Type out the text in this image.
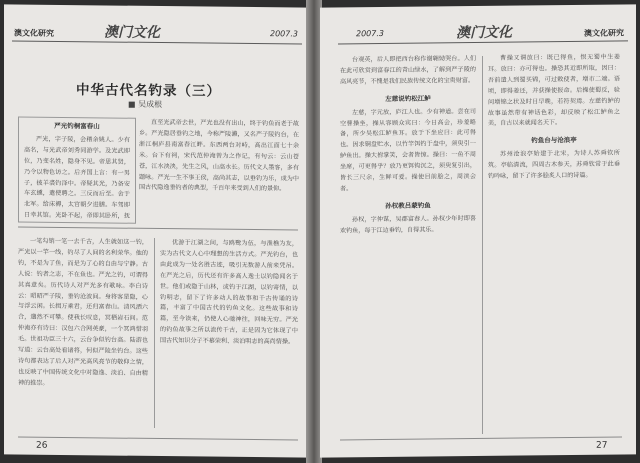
澳文化研究	澳门文化	2007.3
中华古代名钓录（三）
■ 吴成根
严光钓桐富春山

严光，字子陵，会稽余姚人。少有高名，与光武帝刘秀同游学。及光武即位，乃变名姓，隐身不见。帝思其贤，乃令以物色访之。后齐国上言：有一男子，披羊裘钓泽中。帝疑其光，乃备安车玄纁，遣使聘之。三反而后至。舍于北军。给床褥，太官朝夕进膳。车驾即日幸其馆。光卧不起，帝即其卧所，抚光腹曰：咄咄子陵，不可相助为理邪？光又眠不应，良久，乃张目熟视，曰：昔唐尧著德，巢父洗耳。士故有志，何至相迫乎！帝曰：子陵，我竟不能下汝邪？于是升舆叹息而去。除为谏议大夫，不屈，乃耕于富春山。后人名其钓处为严陵濑焉。

直至光武帝去世，严光也没有出山，终于钓鱼而老于故乡。严光隐居垂钓之地，今称严陵濑，又名严子陵钓台，在浙江桐庐县南富春江畔。东西两台对峙，高出江面七十余米。台下有祠，宋代范仲淹曾为之作记，有句云：云山苍苍，江水泱泱，先生之风，山高水长。历代文人墨客，多有题咏。严光一生不事王侯，高尚其志，以垂钓为乐，成为中国古代隐逸垂钓者的典型，千百年来受到人们的景仰。

一笔勾销一笔一去千古，人生就如这一钓，严光以一竿一线，钓尽了人间的名利荣华。他的钓，不是为了鱼，而是为了心的自由与宁静。古人说：钓者之志，不在鱼也。严光之钓，可谓得其真意矣。历代诗人对严光多有歌咏。李白诗云：昭昭严子陵，垂钓沧波间。身将客星隐，心与浮云闲。长揖万乘君，还归富春山。清风洒六合，邈然不可攀。使我长叹息，冥栖岩石间。范仲淹亦有诗曰：汉包六合网英豪，一个冥鸿惜羽毛。世祖功臣三十六，云台争似钓台高。陆游也写道：云台高处看诸将，何似严陵坐钓台。这些诗句都表达了后人对严光高风亮节的敬仰之情，也反映了中国传统文化中对隐逸、淡泊、自由精神的推崇。

优游于江湖之间，与鸥鹭为伍，与渔樵为友，实为古代文人心中理想的生活方式。严光钓台，也由此成为一处名胜古迹，吸引无数游人前来凭吊。在严光之后，历代还有许多高人逸士以钓隐闻名于世。他们或隐于山林，或钓于江湖，以钓寄情，以钓明志，留下了许多动人的故事和千古传诵的诗篇，丰富了中国古代的钓鱼文化。这些故事和诗篇，至今读来，仍使人心驰神往，回味无穷。严光的钓鱼故事之所以流传千古，正是因为它体现了中国古代知识分子不慕荣利、淡泊明志的高尚情操。

26
2007.3	澳门文化	澳文化研究

台观英，后人即把西台称作谢翱恸哭台。人们在此可欣赏到富春江的青山绿水，了解到严子陵的高风亮节，不愧是我们民族传统文化的宝贵财富。

左慈说钓松江鲈

左慈，字元放，庐江人也。少有神道。尝在司空曹操坐，操从容顾众宾曰：今日高会，珍羞略备，所少吴松江鲈鱼耳。放于下坐应曰：此可得也。因求铜盘贮水，以竹竿饵钓于盘中，须臾引一鲈鱼出。操大拊掌笑，会者皆惊。操曰：一鱼不周坐席，可更得乎？放乃更饵钩沉之，须臾复引出，皆长三尺余，生鲜可爱。操使目前脍之，周浃会者。

孙权教吕蒙钓鱼

孙权，字仲谋，吴郡富春人。孙权少年时即喜欢钓鱼，每于江边垂钓，自得其乐。

曹操又谓放曰：既已得鱼，恨无蜀中生姜耳。放曰：亦可得也。操恐其近即所取，因曰：吾前遣人到蜀买锦，可过敕使者，增市二端。语顷，即得姜还，并获操使报命。后操使蜀反，验问增锦之状及时日早晚，若符契焉。左慈钓鲈的故事虽然带有神话色彩，却反映了松江鲈鱼之美，自古以来就闻名天下。

钓鱼台与沧浪亭

苏州沧浪亭始建于北宋，为诗人苏舜钦所筑。亭临清流，四周古木参天，苏舜钦常于此垂钓吟咏，留下了许多脍炙人口的诗篇。

27
